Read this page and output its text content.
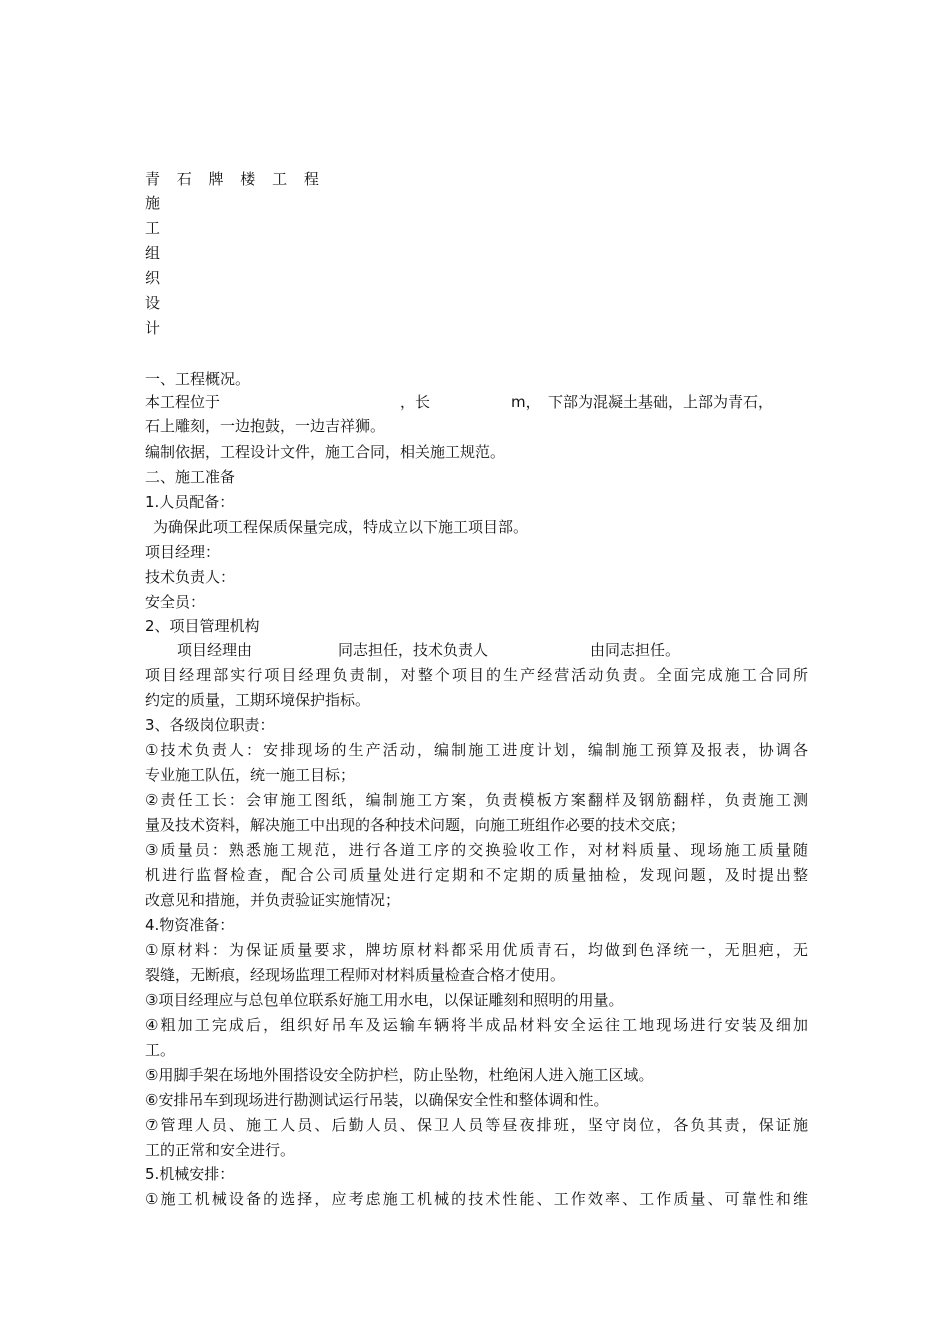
青 石 牌 楼 工 程
施
工
组
织
设
计
一、工程概况。
本工程位于	，长	m， 下部为混凝土基础，上部为青石，
石上雕刻，一边抱鼓，一边吉祥狮。
编制依据，工程设计文件，施工合同，相关施工规范。
二、施工准备
1.人员配备：
为确保此项工程保质保量完成，特成立以下施工项目部。
项目经理：
技术负责人：
安全员：
2、项目管理机构
项目经理由	同志担任，技术负责人	由同志担任。
项目经理部实行项目经理负责制，对整个项目的生产经营活动负责。全面完成施工合同所
约定的质量，工期环境保护指标。
3、各级岗位职责：
①技术负责人：安排现场的生产活动，编制施工进度计划，编制施工预算及报表，协调各
专业施工队伍，统一施工目标；
②责任工长：会审施工图纸，编制施工方案，负责模板方案翻样及钢筋翻样，负责施工测
量及技术资料，解决施工中出现的各种技术问题，向施工班组作必要的技术交底；
③质量员：熟悉施工规范，进行各道工序的交换验收工作，对材料质量、现场施工质量随
机进行监督检查，配合公司质量处进行定期和不定期的质量抽检，发现问题，及时提出整
改意见和措施，并负责验证实施情况；
4.物资准备：
①原材料：为保证质量要求，牌坊原材料都采用优质青石，均做到色泽统一，无胆疤，无
裂缝，无断痕，经现场监理工程师对材料质量检查合格才使用。
③项目经理应与总包单位联系好施工用水电，以保证雕刻和照明的用量。
④粗加工完成后，组织好吊车及运输车辆将半成品材料安全运往工地现场进行安装及细加
工。
⑤用脚手架在场地外围搭设安全防护栏，防止坠物，杜绝闲人进入施工区域。
⑥安排吊车到现场进行勘测试运行吊装，以确保安全性和整体调和性。
⑦管理人员、施工人员、后勤人员、保卫人员等昼夜排班，坚守岗位，各负其责，保证施
工的正常和安全进行。
5.机械安排：
①施工机械设备的选择，应考虑施工机械的技术性能、工作效率、工作质量、可靠性和维
